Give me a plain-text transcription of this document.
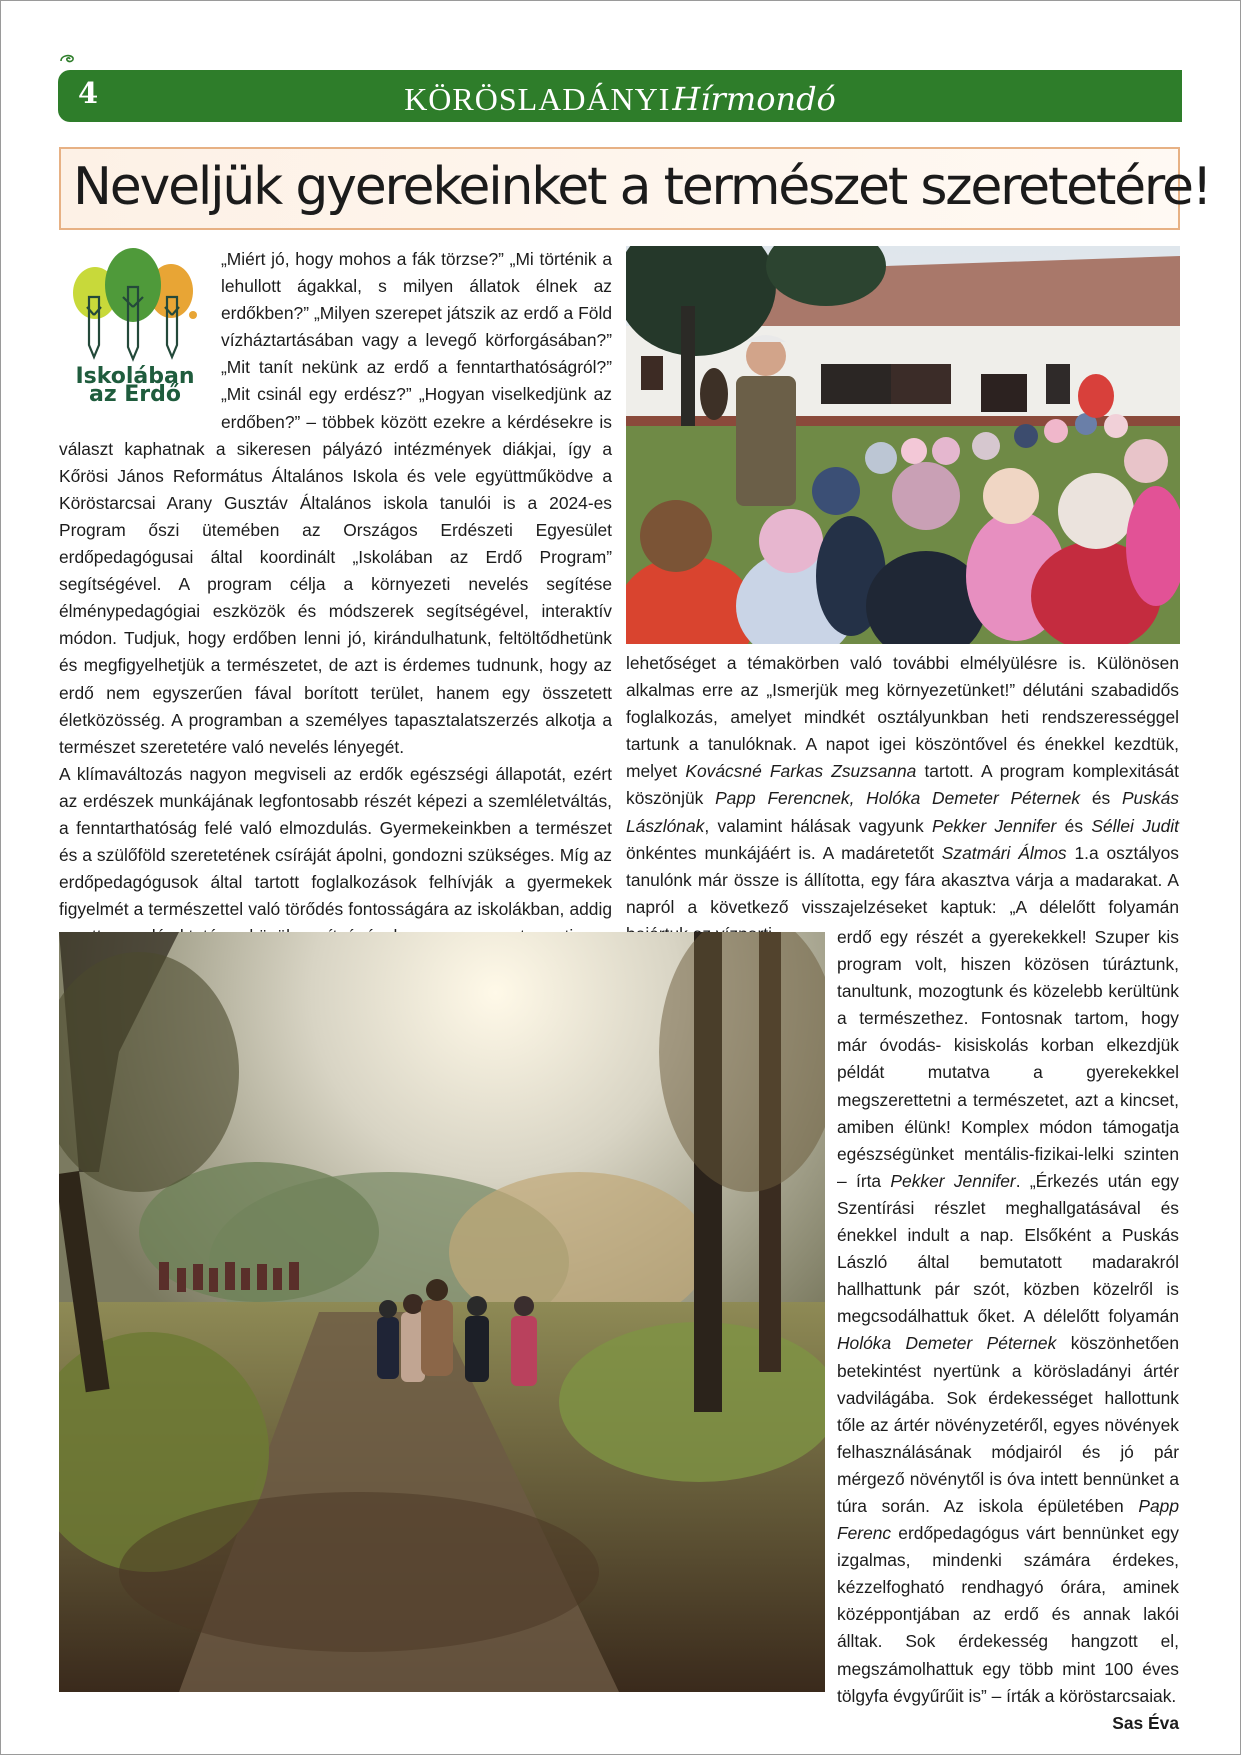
4	KÖRÖSLADÁNYIHírmondó
Neveljük gyerekeinket a természet szeretetére!
Iskolában
az Erdő

„Miért jó, hogy mohos a fák törzse?” „Mi történik a lehullott ágakkal, s milyen állatok élnek az erdőkben?” „Milyen szerepet játszik az erdő a Föld vízháztartásában vagy a levegő körforgásában?” „Mit tanít nekünk az erdő a fenntarthatóságról?” „Mit csinál egy erdész?” „Hogyan viselkedjünk az erdőben?” – többek között ezekre a kérdésekre is választ kaphatnak a sikeresen pályázó intézmények diákjai, így a Kőrösi János Református Általános Iskola és vele együttműködve a Köröstarcsai Arany Gusztáv Általános iskola tanulói is a 2024-es Program őszi ütemében az Országos Erdészeti Egyesület erdőpedagógusai által koordinált „Iskolában az Erdő Program” segítségével. A program célja a környezeti nevelés segítése élménypedagógiai eszközök és módszerek segítségével, interaktív módon. Tudjuk, hogy erdőben lenni jó, kirándulhatunk, feltöltődhetünk és megfigyelhetjük a természetet, de azt is érdemes tudnunk, hogy az erdő nem egyszerűen fával borított terület, hanem egy összetett életközösség. A programban a személyes tapasztalatszerzés alkotja a természet szeretetére való nevelés lényegét.

A klímaváltozás nagyon megviseli az erdők egészségi állapotát, ezért az erdészek munkájának legfontosabb részét képezi a szemléletváltás, a fenntarthatóság felé való elmozdulás. Gyermekeinkben a természet és a szülőföld szeretetének csíráját ápolni, gondozni szükséges. Míg az erdőpedagógusok által tartott foglalkozások felhívják a gyermekek figyelmét a természettel való törődés fontosságára az iskolákban, addig

lehetőséget a témakörben való további elmélyülésre is. Különösen alkalmas erre az „Ismerjük meg környezetünket!” délutáni szabadidős foglalkozás, amelyet mindkét osztályunkban heti rendszerességgel tartunk a tanulóknak. A napot igei köszöntővel és énekkel kezdtük, melyet Kovácsné Farkas Zsuzsanna tartott. A program komplexitását köszönjük Papp Ferencnek, Holóka Demeter Péternek és Puskás Lászlónak, valamint hálásak vagyunk Pekker Jennifer és Séllei Judit önkéntes munkájáért is. A madáretetőt Szatmári Álmos 1.a osztályos tanulónk már össze is állította, egy fára akasztva várja a madarakat. A napról a következő visszajelzéseket kaptuk: „A délelőtt folyamán

erdő egy részét a gyerekekkel! Szuper kis program volt, hiszen közösen túráztunk, tanultunk, mozogtunk és közelebb kerültünk a természethez. Fontosnak tartom, hogy már óvodás- kisiskolás korban elkezdjük példát mutatva a gyerekekkel megszerettetni a természetet, azt a kincset, amiben élünk! Komplex módon támogatja egészségünket mentális-fizikai-lelki szinten – írta Pekker Jennifer. „Érkezés után egy Szentírási részlet meghallgatásával és énekkel indult a nap. Elsőként a Puskás László által bemutatott madarakról hallhattunk pár szót, közben közelről is megcsodálhattuk őket. A délelőtt folyamán Holóka Demeter Péternek köszönhetően betekintést nyertünk a körösladányi ártér vadvilágába. Sok érdekességet hallottunk tőle az ártér növényzetéről, egyes növények felhasználásának módjairól és jó pár mérgező növénytől is óva intett bennünket a túra során. Az iskola épületében Papp Ferenc erdőpedagógus várt bennünket egy izgalmas, mindenki számára érdekes, kézzelfogható rendhagyó órára, aminek középpontjában az erdő és annak lakói álltak. Sok érdekesség hangzott el, megszámolhattuk egy több mint 100 éves tölgyfa évgyűrűit is” – írták a köröstarcsaiak.
Sas Éva
